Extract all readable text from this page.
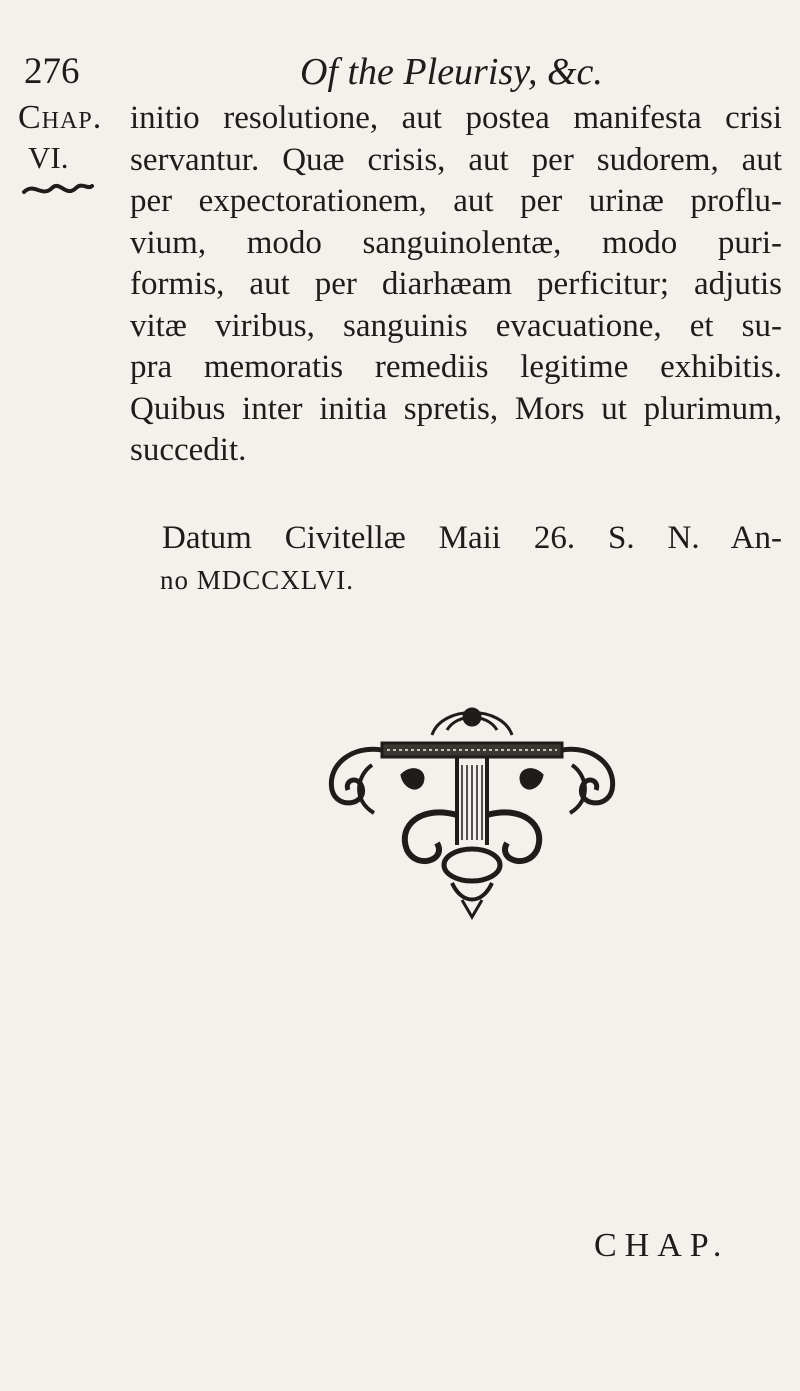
276	Of the Pleurisy, &c.
Chap.
VI.
initio resolutione, aut postea manifesta crisi
servantur. Quæ crisis, aut per sudorem, aut
per expectorationem, aut per urinæ proflu-
vium, modo sanguinolentæ, modo puri-
formis, aut per diarhæam perficitur; adjutis
vitæ viribus, sanguinis evacuatione, et su-
pra memoratis remediis legitime exhibitis.
Quibus inter initia spretis, Mors ut plurimum,
succedit.
Datum Civitellæ Maii 26. S. N. An-
no MDCCXLVI.
CHAP.
